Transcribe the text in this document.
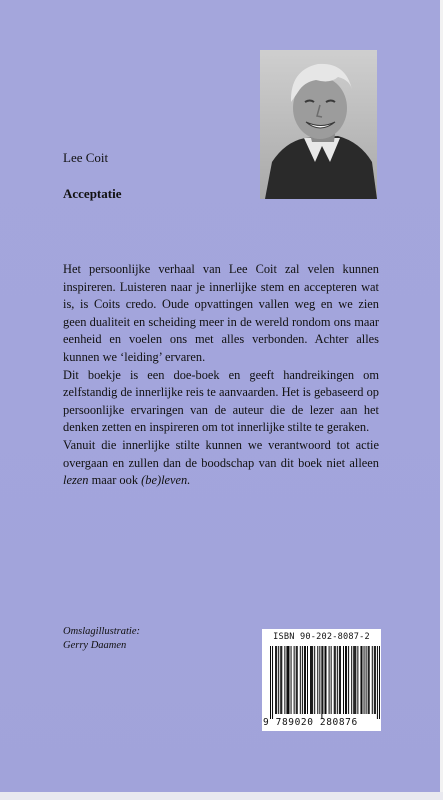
Lee Coit
Acceptatie

Het persoonlijke verhaal van Lee Coit zal velen kunnen inspireren. Luisteren naar je innerlijke stem en accepteren wat is, is Coits credo. Oude opvattingen vallen weg en we zien geen dualiteit en scheiding meer in de wereld rondom ons maar eenheid en voelen ons met alles verbonden. Achter alles kunnen we ‘leiding’ ervaren.

Dit boekje is een doe-boek en geeft handreikingen om zelfstandig de innerlijke reis te aanvaarden. Het is gebaseerd op persoonlijke ervaringen van de auteur die de lezer aan het denken zetten en inspireren om tot innerlijke stilte te geraken.

Vanuit die innerlijke stilte kunnen we verantwoord tot actie overgaan en zullen dan de boodschap van dit boek niet alleen lezen maar ook (be)leven.

Omslagillustratie:
Gerry Daamen
ISBN 90-202-8087-2
9 789020 280876
